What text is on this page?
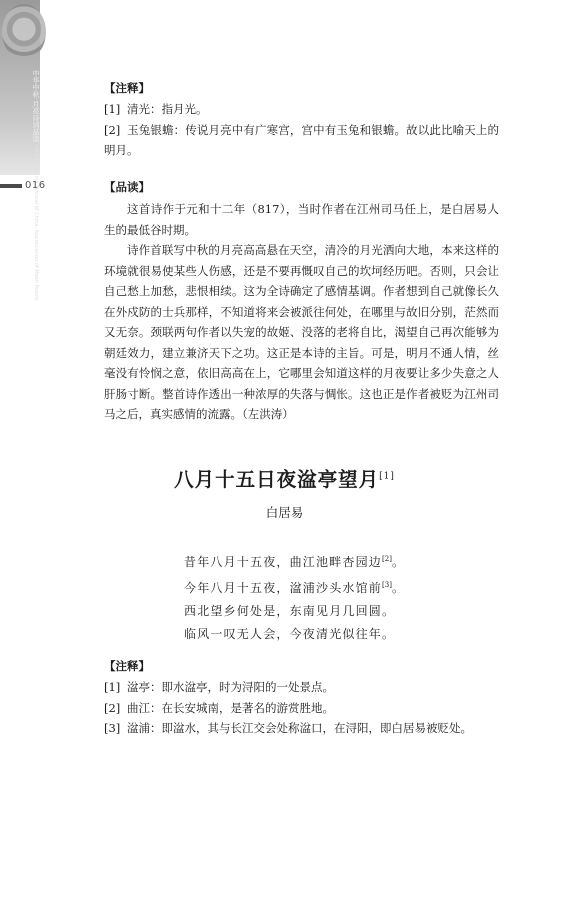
中华中秋·月亮诗词品读 On Mid-Autumn Festival of China: Appreciation of Moon Poems
016

【注释】

[1] 清光：指月光。

[2] 玉兔银蟾：传说月亮中有广寒宫，宫中有玉兔和银蟾。故以此比喻天上的明月。

【品读】

这首诗作于元和十二年（817），当时作者在江州司马任上，是白居易人生的最低谷时期。

诗作首联写中秋的月亮高高悬在天空，清冷的月光洒向大地，本来这样的环境就很易使某些人伤感，还是不要再慨叹自己的坎坷经历吧。否则，只会让自己愁上加愁，悲恨相续。这为全诗确定了感情基调。作者想到自己就像长久在外戍防的士兵那样，不知道将来会被派往何处，在哪里与故旧分别，茫然而又无奈。颈联两句作者以失宠的故姬、没落的老将自比，渴望自己再次能够为朝廷效力，建立兼济天下之功。这正是本诗的主旨。可是，明月不通人情，丝毫没有怜悯之意，依旧高高在上，它哪里会知道这样的月夜要让多少失意之人肝肠寸断。整首诗作透出一种浓厚的失落与惆怅。这也正是作者被贬为江州司马之后，真实感情的流露。（左洪涛）

八月十五日夜湓亭望月[1]
白居易

昔年八月十五夜，曲江池畔杏园边[2]。

今年八月十五夜，湓浦沙头水馆前[3]。

西北望乡何处是，东南见月几回圆。

临风一叹无人会，今夜清光似往年。

【注释】

[1] 湓亭：即水湓亭，时为浔阳的一处景点。

[2] 曲江：在长安城南，是著名的游赏胜地。

[3] 湓浦：即湓水，其与长江交会处称湓口，在浔阳，即白居易被贬处。
